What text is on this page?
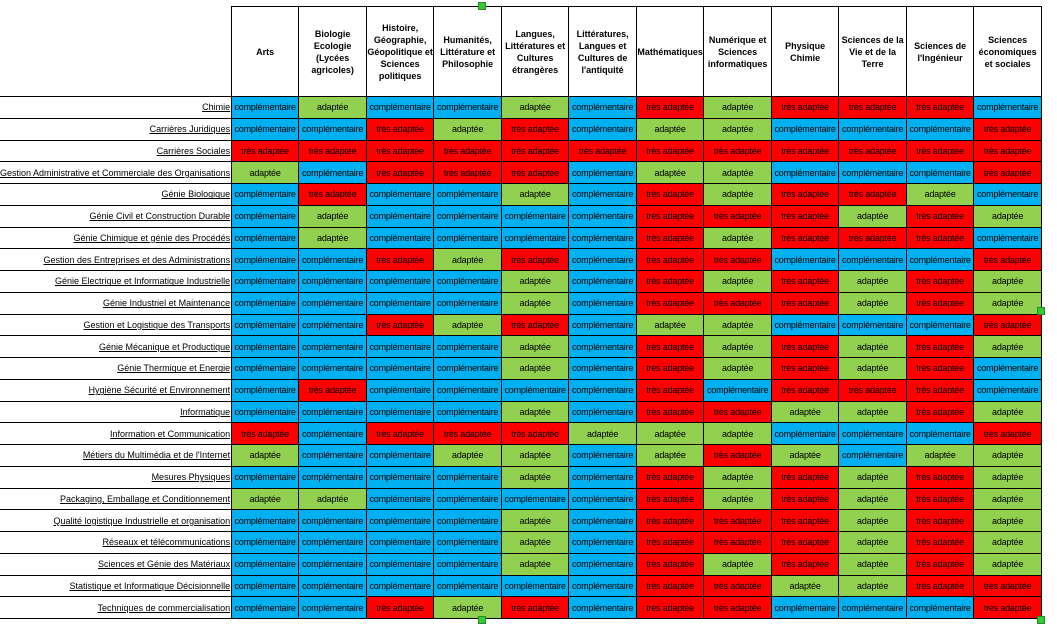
	Arts	Biologie Ecologie (Lycées agricoles)	Histoire, Géographie, Géopolitique et Sciences politiques	Humanités, Littérature et Philosophie	Langues, Littératures et Cultures étrangères	Littératures, Langues et Cultures de l'antiquité	Mathématiques	Numérique et Sciences informatiques	Physique Chimie	Sciences de la Vie et de la Terre	Sciences de l'Ingénieur	Sciences économiques et sociales
Chimie	complémentaire	adaptée	complémentaire	complémentaire	adaptée	complémentaire	très adaptée	adaptée	très adaptée	très adaptée	très adaptée	complémentaire
Carrières Juridiques	complémentaire	complémentaire	très adaptée	adaptée	très adaptée	complémentaire	adaptée	adaptée	complémentaire	complémentaire	complémentaire	très adaptée
Carrières Sociales	très adaptée	très adaptée	très adaptée	très adaptée	très adaptée	très adaptée	très adaptée	très adaptée	très adaptée	très adaptée	très adaptée	très adaptée
Gestion Administrative et Commerciale des Organisations	adaptée	complémentaire	très adaptée	très adaptée	très adaptée	complémentaire	adaptée	adaptée	complémentaire	complémentaire	complémentaire	très adaptée
Génie Biologique	complémentaire	très adaptée	complémentaire	complémentaire	adaptée	complémentaire	très adaptée	adaptée	très adaptée	très adaptée	adaptée	complémentaire
Génie Civil et Construction Durable	complémentaire	adaptée	complémentaire	complémentaire	complémentaire	complémentaire	très adaptée	très adaptée	très adaptée	adaptée	très adaptée	adaptée
Génie Chimique et génie des Procédés	complémentaire	adaptée	complémentaire	complémentaire	complémentaire	complémentaire	très adaptée	adaptée	très adaptée	très adaptée	très adaptée	complémentaire
Gestion des Entreprises et des Administrations	complémentaire	complémentaire	très adaptée	adaptée	très adaptée	complémentaire	très adaptée	très adaptée	complémentaire	complémentaire	complémentaire	très adaptée
Génie Electrique et Informatique Industrielle	complémentaire	complémentaire	complémentaire	complémentaire	adaptée	complémentaire	très adaptée	adaptée	très adaptée	adaptée	très adaptée	adaptée
Génie Industriel et Maintenance	complémentaire	complémentaire	complémentaire	complémentaire	adaptée	complémentaire	très adaptée	très adaptée	très adaptée	adaptée	très adaptée	adaptée
Gestion et Logistique des Transports	complémentaire	complémentaire	très adaptée	adaptée	très adaptée	complémentaire	adaptée	adaptée	complémentaire	complémentaire	complémentaire	très adaptée
Génie Mécanique et Productique	complémentaire	complémentaire	complémentaire	complémentaire	adaptée	complémentaire	très adaptée	adaptée	très adaptée	adaptée	très adaptée	adaptée
Génie Thermique et Energie	complémentaire	complémentaire	complémentaire	complémentaire	adaptée	complémentaire	très adaptée	adaptée	très adaptée	adaptée	très adaptée	complémentaire
Hygiène Sécurité et Environnement	complémentaire	très adaptée	complémentaire	complémentaire	complémentaire	complémentaire	très adaptée	complémentaire	très adaptée	très adaptée	très adaptée	complémentaire
Informatique	complémentaire	complémentaire	complémentaire	complémentaire	adaptée	complémentaire	très adaptée	très adaptée	adaptée	adaptée	très adaptée	adaptée
Information et Communication	très adaptée	complémentaire	très adaptée	très adaptée	très adaptée	adaptée	adaptée	adaptée	complémentaire	complémentaire	complémentaire	très adaptée
Métiers du Multimédia et de l'Internet	adaptée	complémentaire	complémentaire	adaptée	adaptée	complémentaire	adaptée	très adaptée	adaptée	complémentaire	adaptée	adaptée
Mesures Physiques	complémentaire	complémentaire	complémentaire	complémentaire	adaptée	complémentaire	très adaptée	adaptée	très adaptée	adaptée	très adaptée	adaptée
Packaging, Emballage et Conditionnement	adaptée	adaptée	complémentaire	complémentaire	complémentaire	complémentaire	très adaptée	adaptée	très adaptée	adaptée	très adaptée	adaptée
Qualité logistique Industrielle et organisation	complémentaire	complémentaire	complémentaire	complémentaire	adaptée	complémentaire	très adaptée	très adaptée	très adaptée	adaptée	très adaptée	adaptée
Réseaux et télécommunications	complémentaire	complémentaire	complémentaire	complémentaire	adaptée	complémentaire	très adaptée	très adaptée	très adaptée	adaptée	très adaptée	adaptée
Sciences et Génie des Matériaux	complémentaire	complémentaire	complémentaire	complémentaire	adaptée	complémentaire	très adaptée	adaptée	très adaptée	adaptée	très adaptée	adaptée
Statistique et Informatique Décisionnelle	complémentaire	complémentaire	complémentaire	complémentaire	complémentaire	complémentaire	très adaptée	très adaptée	adaptée	adaptée	très adaptée	très adaptée
Techniques de commercialisation	complémentaire	complémentaire	très adaptée	adaptée	très adaptée	complémentaire	très adaptée	très adaptée	complémentaire	complémentaire	complémentaire	très adaptée
